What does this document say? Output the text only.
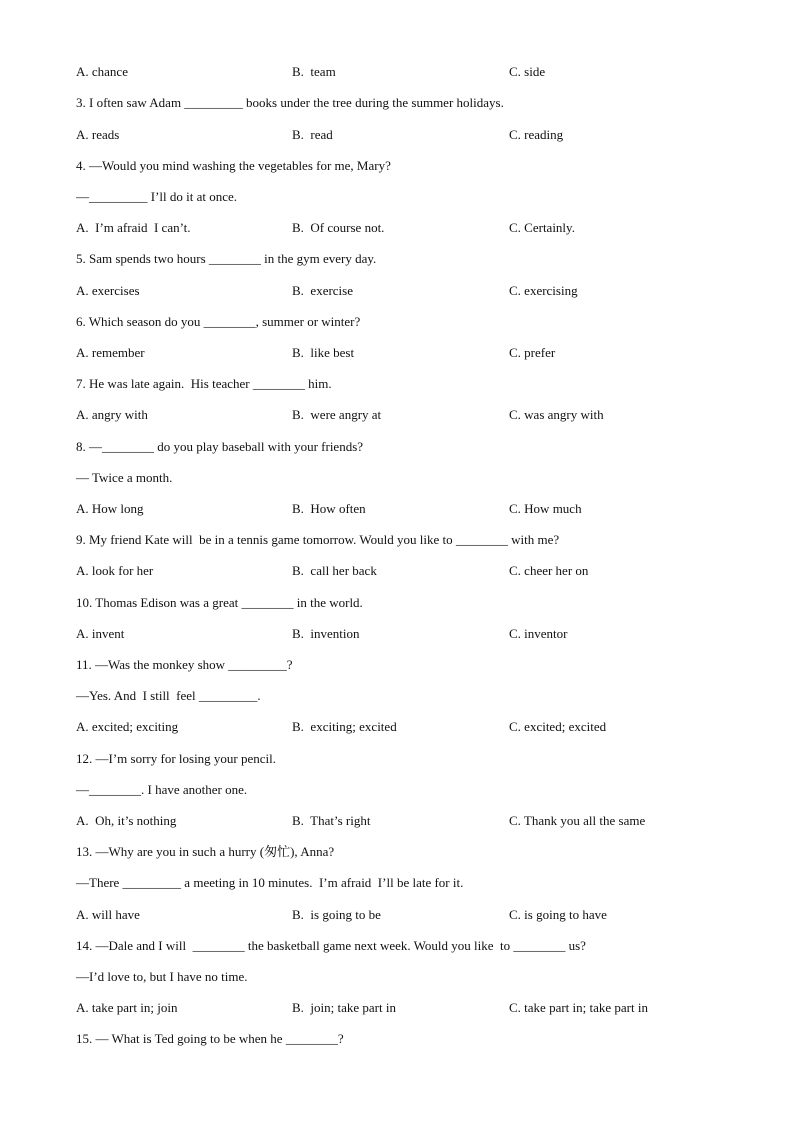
A. chance	B.  team	C. side
3. I often saw Adam _________ books under the tree during the summer holidays.
A. reads	B.  read	C. reading
4. —Would you mind washing the vegetables for me, Mary?
—_________ I’ll do it at once.
A.  I’m afraid  I can’t.	B.  Of course not.	C. Certainly.
5. Sam spends two hours ________ in the gym every day.
A. exercises	B.  exercise	C. exercising
6. Which season do you ________, summer or winter?
A. remember	B.  like best	C. prefer
7. He was late again.  His teacher ________ him.
A. angry with	B.  were angry at	C. was angry with
8. —________ do you play baseball with your friends?
— Twice a month.
A. How long	B.  How often	C. How much
9. My friend Kate will  be in a tennis game tomorrow. Would you like to ________ with me?
A. look for her	B.  call her back	C. cheer her on
10. Thomas Edison was a great ________ in the world.
A. invent	B.  invention	C. inventor
11. —Was the monkey show _________?
—Yes. And  I still  feel _________.
A. excited; exciting	B.  exciting; excited	C. excited; excited
12. —I’m sorry for losing your pencil.
—________. I have another one.
A.  Oh, it’s nothing	B.  That’s right	C. Thank you all the same
13. —Why are you in such a hurry (匆忙), Anna?
—There _________ a meeting in 10 minutes.  I’m afraid  I’ll be late for it.
A. will have	B.  is going to be	C. is going to have
14. —Dale and I will  ________ the basketball game next week. Would you like  to ________ us?
—I’d love to, but I have no time.
A. take part in; join	B.  join; take part in	C. take part in; take part in
15. — What is Ted going to be when he ________?
